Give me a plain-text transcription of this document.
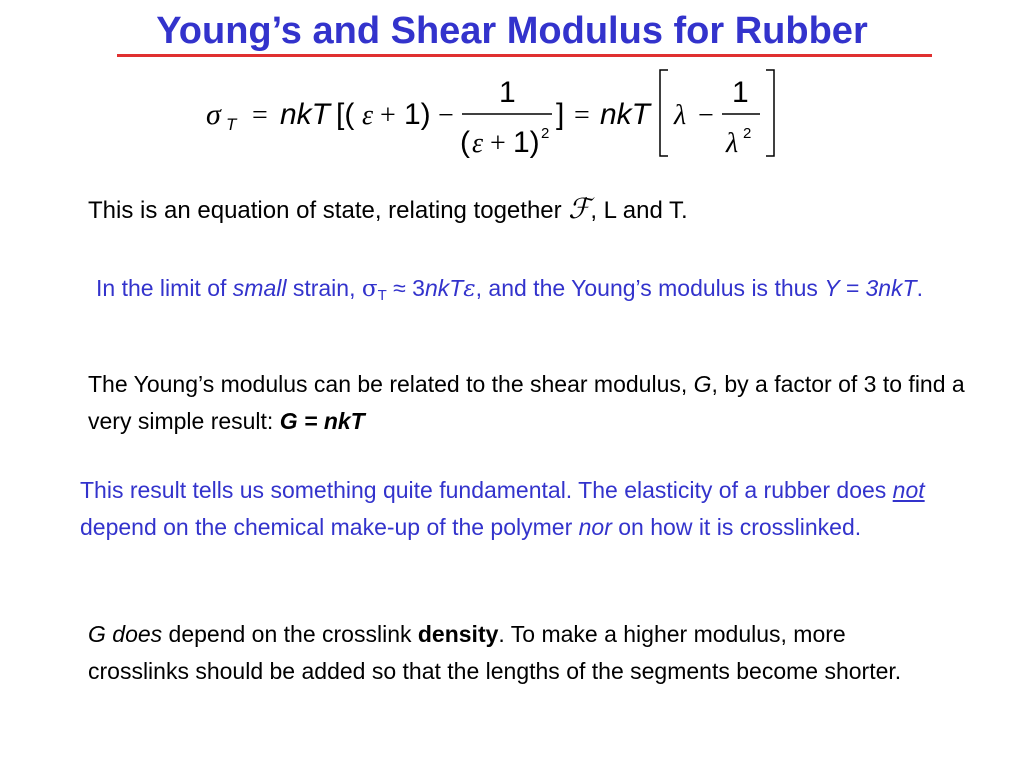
Young’s and Shear Modulus for Rubber
σ T = nkT [( ε + 1) −
1
( ε + 1) 2
] = nkT λ −
1
λ 2
This is an equation of state, relating together ℱ, L and T.
In the limit of small strain, $\sigma_T \approx 3nkT\varepsilon$, and the Young’s modulus is thus Y = 3nkT.
The Young’s modulus can be related to the shear modulus, G, by a factor of 3 to find a very simple result: G = nkT
This result tells us something quite fundamental. The elasticity of a rubber does not depend on the chemical make-up of the polymer nor on how it is crosslinked.
G does depend on the crosslink density. To make a higher modulus, more crosslinks should be added so that the lengths of the segments become shorter.
